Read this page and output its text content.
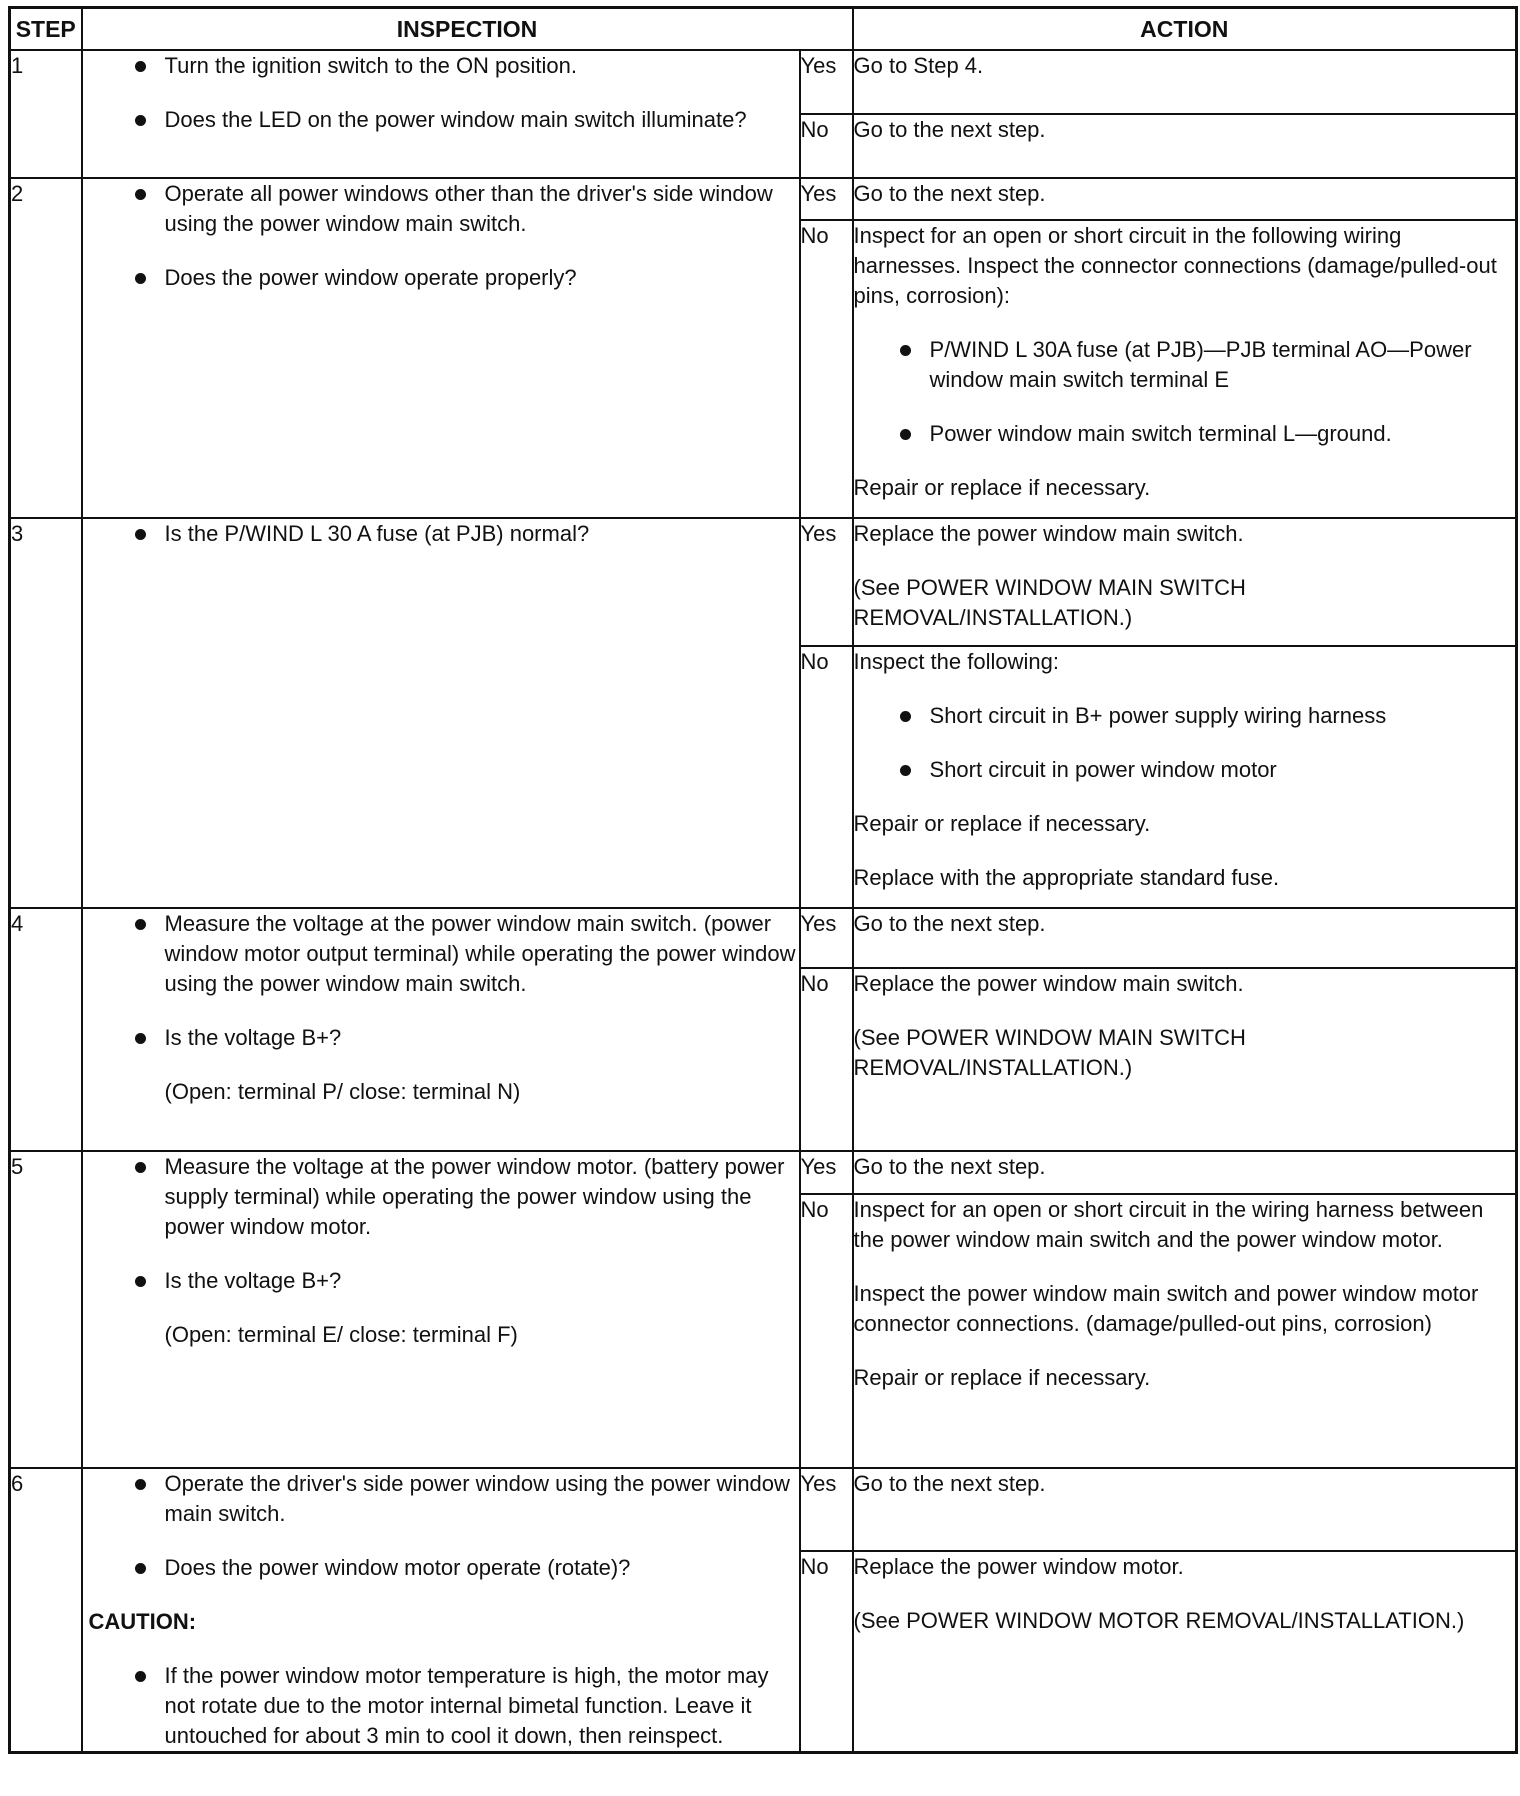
STEP	INSPECTION		ACTION
1	Turn the ignition switch to the ON position.
Does the LED on the power window main switch illuminate?	Yes	Go to Step 4.
		No	Go to the next step.
2	Operate all power windows other than the driver's side window using the power window main switch.
Does the power window operate properly?	Yes	Go to the next step.
		No	Inspect for an open or short circuit in the following wiring harnesses. Inspect the connector connections (damage/pulled-out pins, corrosion):
P/WIND L 30A fuse (at PJB)—PJB terminal AO—Power window main switch terminal E
Power window main switch terminal L—ground.
Repair or replace if necessary.

3	Is the P/WIND L 30 A fuse (at PJB) normal?	Yes	Replace the power window main switch.
(See POWER WINDOW MAIN SWITCH REMOVAL/INSTALLATION.)

		No	Inspect the following:
Short circuit in B+ power supply wiring harness
Short circuit in power window motor
Repair or replace if necessary.
Replace with the appropriate standard fuse.

4	Measure the voltage at the power window main switch. (power window motor output terminal) while operating the power window using the power window main switch.
Is the voltage B+?
(Open: terminal P/ close: terminal N)	Yes	Go to the next step.
		No	Replace the power window main switch.
(See POWER WINDOW MAIN SWITCH REMOVAL/INSTALLATION.)

5	Measure the voltage at the power window motor. (battery power supply terminal) while operating the power window using the power window motor.
Is the voltage B+?
(Open: terminal E/ close: terminal F)	Yes	Go to the next step.
		No	Inspect for an open or short circuit in the wiring harness between the power window main switch and the power window motor.
Inspect the power window main switch and power window motor connector connections. (damage/pulled-out pins, corrosion)
Repair or replace if necessary.

6	Operate the driver's side power window using the power window main switch.
Does the power window motor operate (rotate)?
CAUTION:
If the power window motor temperature is high, the motor may not rotate due to the motor internal bimetal function. Leave it untouched for about 3 min to cool it down, then reinspect.	Yes	Go to the next step.
		No	Replace the power window motor.
(See POWER WINDOW MOTOR REMOVAL/INSTALLATION.)
